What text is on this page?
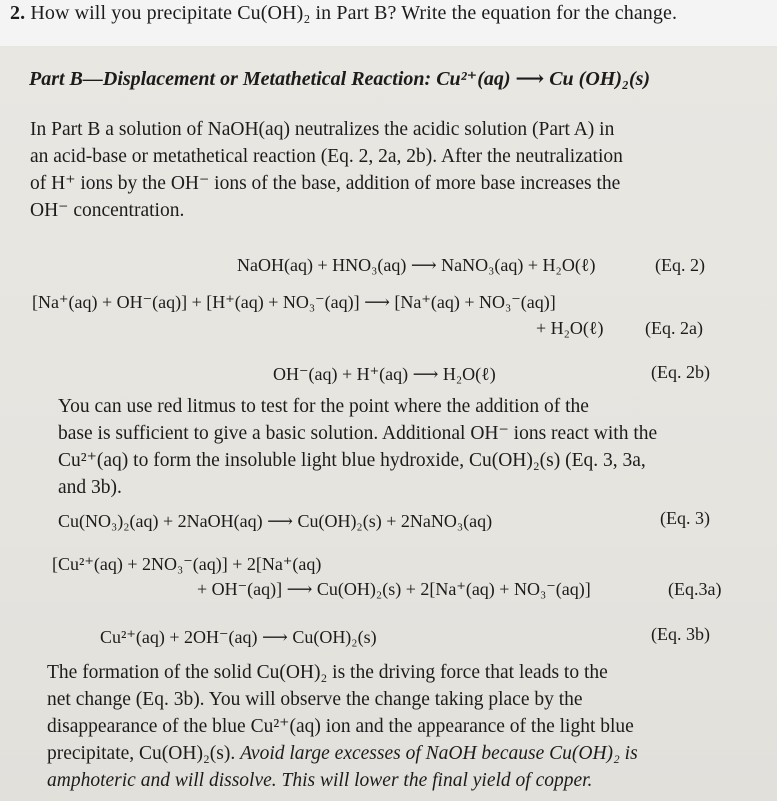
2. How will you precipitate Cu(OH)₂ in Part B? Write the equation for the change.
Part B—Displacement or Metathetical Reaction: Cu²⁺(aq) ⟶ Cu (OH)₂(s)
In Part B a solution of NaOH(aq) neutralizes the acidic solution (Part A) in
an acid-base or metathetical reaction (Eq. 2, 2a, 2b). After the neutralization
of H⁺ ions by the OH⁻ ions of the base, addition of more base increases the
OH⁻ concentration.
NaOH(aq) + HNO₃(aq) ⟶ NaNO₃(aq) + H₂O(ℓ)	(Eq. 2)
[Na⁺(aq) + OH⁻(aq)] + [H⁺(aq) + NO₃⁻(aq)] ⟶ [Na⁺(aq) + NO₃⁻(aq)]
+ H₂O(ℓ) (Eq. 2a)
OH⁻(aq) + H⁺(aq) ⟶ H₂O(ℓ)	(Eq. 2b)
You can use red litmus to test for the point where the addition of the
base is sufficient to give a basic solution. Additional OH⁻ ions react with the
Cu²⁺(aq) to form the insoluble light blue hydroxide, Cu(OH)₂(s) (Eq. 3, 3a,
and 3b).
Cu(NO₃)₂(aq) + 2NaOH(aq) ⟶ Cu(OH)₂(s) + 2NaNO₃(aq)	(Eq. 3)
[Cu²⁺(aq) + 2NO₃⁻(aq)] + 2[Na⁺(aq)
+ OH⁻(aq)] ⟶ Cu(OH)₂(s) + 2[Na⁺(aq) + NO₃⁻(aq)]	(Eq.3a)
Cu²⁺(aq) + 2OH⁻(aq) ⟶ Cu(OH)₂(s)	(Eq. 3b)
The formation of the solid Cu(OH)₂ is the driving force that leads to the
net change (Eq. 3b). You will observe the change taking place by the
disappearance of the blue Cu²⁺(aq) ion and the appearance of the light blue
precipitate, Cu(OH)₂(s). Avoid large excesses of NaOH because Cu(OH)₂ is
amphoteric and will dissolve. This will lower the final yield of copper.
